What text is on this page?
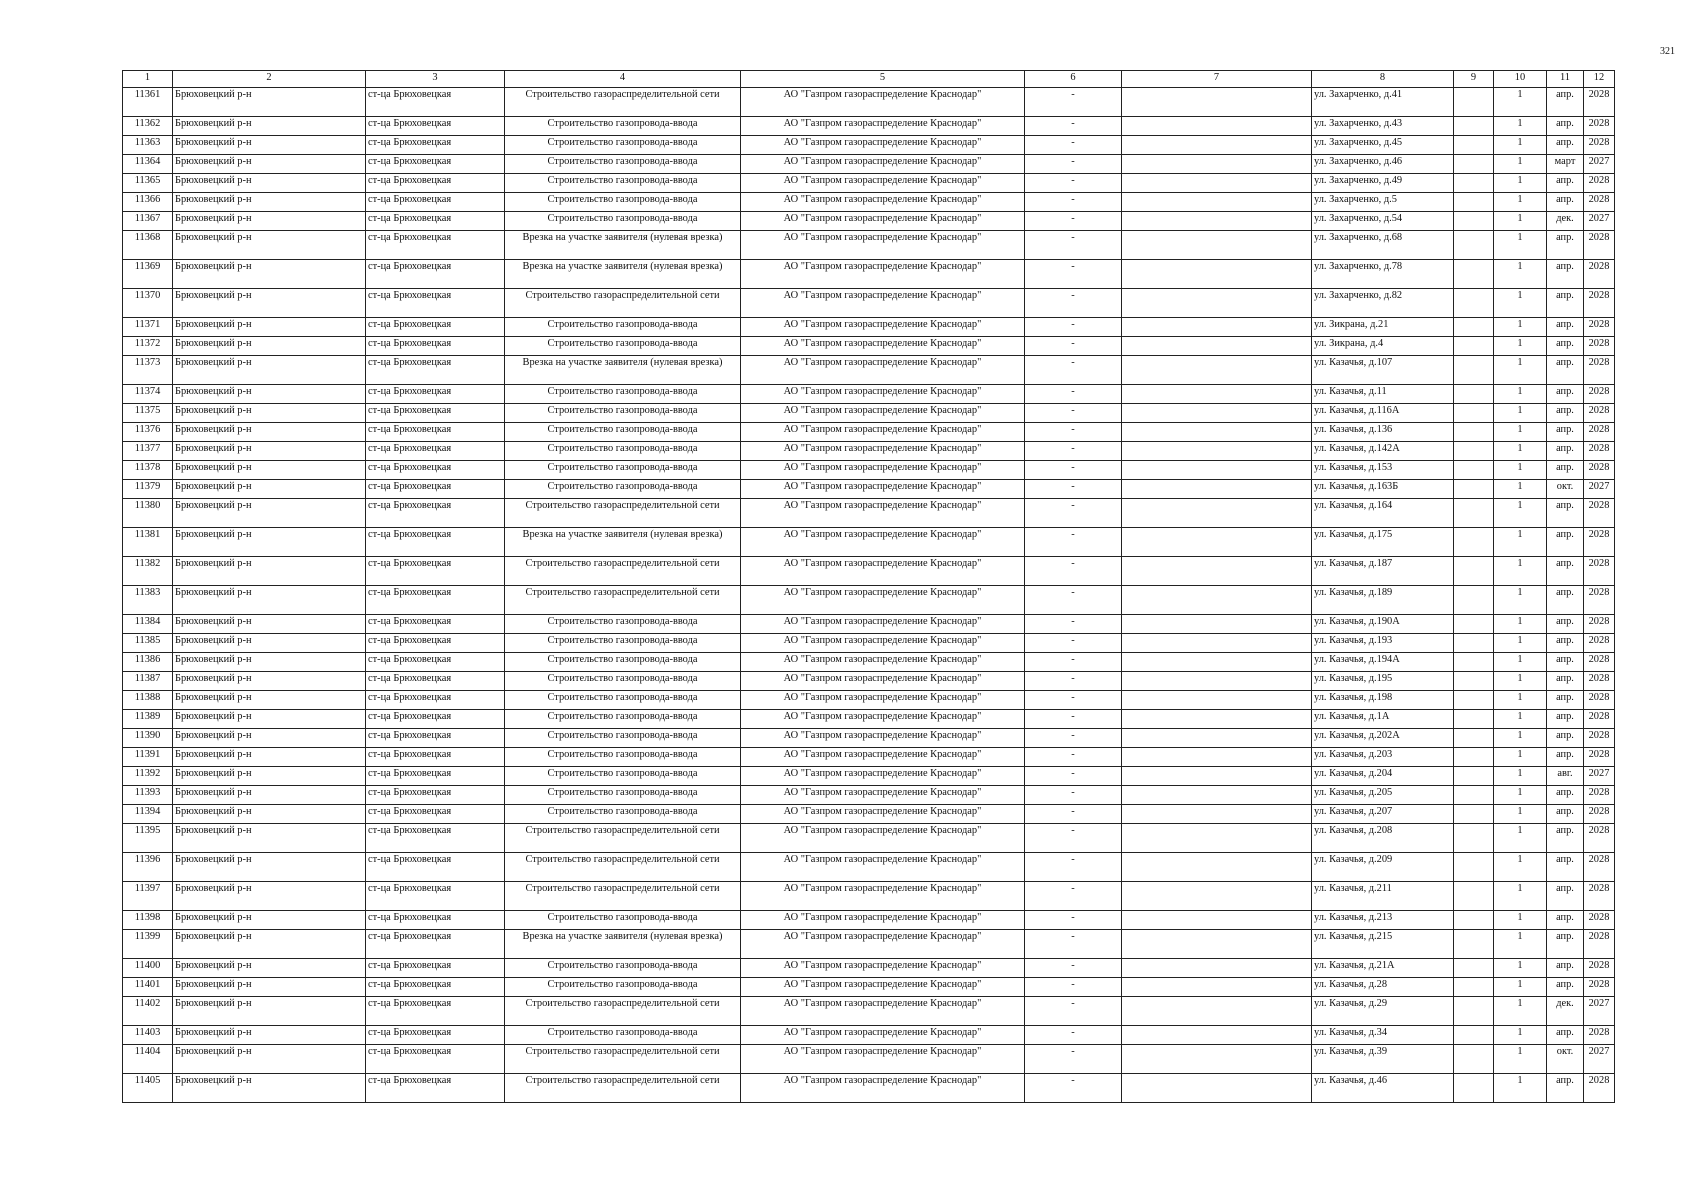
321
1	2	3	4	5	6	7	8	9	10	11	12
11361	Брюховецкий р-н	ст-ца Брюховецкая	Строительство газораспределительной сети	АО "Газпром газораспределение Краснодар"	-		ул. Захарченко, д.41		1	апр.	2028
11362	Брюховецкий р-н	ст-ца Брюховецкая	Строительство газопровода-ввода	АО "Газпром газораспределение Краснодар"	-		ул. Захарченко, д.43		1	апр.	2028
11363	Брюховецкий р-н	ст-ца Брюховецкая	Строительство газопровода-ввода	АО "Газпром газораспределение Краснодар"	-		ул. Захарченко, д.45		1	апр.	2028
11364	Брюховецкий р-н	ст-ца Брюховецкая	Строительство газопровода-ввода	АО "Газпром газораспределение Краснодар"	-		ул. Захарченко, д.46		1	март	2027
11365	Брюховецкий р-н	ст-ца Брюховецкая	Строительство газопровода-ввода	АО "Газпром газораспределение Краснодар"	-		ул. Захарченко, д.49		1	апр.	2028
11366	Брюховецкий р-н	ст-ца Брюховецкая	Строительство газопровода-ввода	АО "Газпром газораспределение Краснодар"	-		ул. Захарченко, д.5		1	апр.	2028
11367	Брюховецкий р-н	ст-ца Брюховецкая	Строительство газопровода-ввода	АО "Газпром газораспределение Краснодар"	-		ул. Захарченко, д.54		1	дек.	2027
11368	Брюховецкий р-н	ст-ца Брюховецкая	Врезка на участке заявителя (нулевая врезка)	АО "Газпром газораспределение Краснодар"	-		ул. Захарченко, д.68		1	апр.	2028
11369	Брюховецкий р-н	ст-ца Брюховецкая	Врезка на участке заявителя (нулевая врезка)	АО "Газпром газораспределение Краснодар"	-		ул. Захарченко, д.78		1	апр.	2028
11370	Брюховецкий р-н	ст-ца Брюховецкая	Строительство газораспределительной сети	АО "Газпром газораспределение Краснодар"	-		ул. Захарченко, д.82		1	апр.	2028
11371	Брюховецкий р-н	ст-ца Брюховецкая	Строительство газопровода-ввода	АО "Газпром газораспределение Краснодар"	-		ул. Зикрана, д.21		1	апр.	2028
11372	Брюховецкий р-н	ст-ца Брюховецкая	Строительство газопровода-ввода	АО "Газпром газораспределение Краснодар"	-		ул. Зикрана, д.4		1	апр.	2028
11373	Брюховецкий р-н	ст-ца Брюховецкая	Врезка на участке заявителя (нулевая врезка)	АО "Газпром газораспределение Краснодар"	-		ул. Казачья, д.107		1	апр.	2028
11374	Брюховецкий р-н	ст-ца Брюховецкая	Строительство газопровода-ввода	АО "Газпром газораспределение Краснодар"	-		ул. Казачья, д.11		1	апр.	2028
11375	Брюховецкий р-н	ст-ца Брюховецкая	Строительство газопровода-ввода	АО "Газпром газораспределение Краснодар"	-		ул. Казачья, д.116А		1	апр.	2028
11376	Брюховецкий р-н	ст-ца Брюховецкая	Строительство газопровода-ввода	АО "Газпром газораспределение Краснодар"	-		ул. Казачья, д.136		1	апр.	2028
11377	Брюховецкий р-н	ст-ца Брюховецкая	Строительство газопровода-ввода	АО "Газпром газораспределение Краснодар"	-		ул. Казачья, д.142А		1	апр.	2028
11378	Брюховецкий р-н	ст-ца Брюховецкая	Строительство газопровода-ввода	АО "Газпром газораспределение Краснодар"	-		ул. Казачья, д.153		1	апр.	2028
11379	Брюховецкий р-н	ст-ца Брюховецкая	Строительство газопровода-ввода	АО "Газпром газораспределение Краснодар"	-		ул. Казачья, д.163Б		1	окт.	2027
11380	Брюховецкий р-н	ст-ца Брюховецкая	Строительство газораспределительной сети	АО "Газпром газораспределение Краснодар"	-		ул. Казачья, д.164		1	апр.	2028
11381	Брюховецкий р-н	ст-ца Брюховецкая	Врезка на участке заявителя (нулевая врезка)	АО "Газпром газораспределение Краснодар"	-		ул. Казачья, д.175		1	апр.	2028
11382	Брюховецкий р-н	ст-ца Брюховецкая	Строительство газораспределительной сети	АО "Газпром газораспределение Краснодар"	-		ул. Казачья, д.187		1	апр.	2028
11383	Брюховецкий р-н	ст-ца Брюховецкая	Строительство газораспределительной сети	АО "Газпром газораспределение Краснодар"	-		ул. Казачья, д.189		1	апр.	2028
11384	Брюховецкий р-н	ст-ца Брюховецкая	Строительство газопровода-ввода	АО "Газпром газораспределение Краснодар"	-		ул. Казачья, д.190А		1	апр.	2028
11385	Брюховецкий р-н	ст-ца Брюховецкая	Строительство газопровода-ввода	АО "Газпром газораспределение Краснодар"	-		ул. Казачья, д.193		1	апр.	2028
11386	Брюховецкий р-н	ст-ца Брюховецкая	Строительство газопровода-ввода	АО "Газпром газораспределение Краснодар"	-		ул. Казачья, д.194А		1	апр.	2028
11387	Брюховецкий р-н	ст-ца Брюховецкая	Строительство газопровода-ввода	АО "Газпром газораспределение Краснодар"	-		ул. Казачья, д.195		1	апр.	2028
11388	Брюховецкий р-н	ст-ца Брюховецкая	Строительство газопровода-ввода	АО "Газпром газораспределение Краснодар"	-		ул. Казачья, д.198		1	апр.	2028
11389	Брюховецкий р-н	ст-ца Брюховецкая	Строительство газопровода-ввода	АО "Газпром газораспределение Краснодар"	-		ул. Казачья, д.1А		1	апр.	2028
11390	Брюховецкий р-н	ст-ца Брюховецкая	Строительство газопровода-ввода	АО "Газпром газораспределение Краснодар"	-		ул. Казачья, д.202А		1	апр.	2028
11391	Брюховецкий р-н	ст-ца Брюховецкая	Строительство газопровода-ввода	АО "Газпром газораспределение Краснодар"	-		ул. Казачья, д.203		1	апр.	2028
11392	Брюховецкий р-н	ст-ца Брюховецкая	Строительство газопровода-ввода	АО "Газпром газораспределение Краснодар"	-		ул. Казачья, д.204		1	авг.	2027
11393	Брюховецкий р-н	ст-ца Брюховецкая	Строительство газопровода-ввода	АО "Газпром газораспределение Краснодар"	-		ул. Казачья, д.205		1	апр.	2028
11394	Брюховецкий р-н	ст-ца Брюховецкая	Строительство газопровода-ввода	АО "Газпром газораспределение Краснодар"	-		ул. Казачья, д.207		1	апр.	2028
11395	Брюховецкий р-н	ст-ца Брюховецкая	Строительство газораспределительной сети	АО "Газпром газораспределение Краснодар"	-		ул. Казачья, д.208		1	апр.	2028
11396	Брюховецкий р-н	ст-ца Брюховецкая	Строительство газораспределительной сети	АО "Газпром газораспределение Краснодар"	-		ул. Казачья, д.209		1	апр.	2028
11397	Брюховецкий р-н	ст-ца Брюховецкая	Строительство газораспределительной сети	АО "Газпром газораспределение Краснодар"	-		ул. Казачья, д.211		1	апр.	2028
11398	Брюховецкий р-н	ст-ца Брюховецкая	Строительство газопровода-ввода	АО "Газпром газораспределение Краснодар"	-		ул. Казачья, д.213		1	апр.	2028
11399	Брюховецкий р-н	ст-ца Брюховецкая	Врезка на участке заявителя (нулевая врезка)	АО "Газпром газораспределение Краснодар"	-		ул. Казачья, д.215		1	апр.	2028
11400	Брюховецкий р-н	ст-ца Брюховецкая	Строительство газопровода-ввода	АО "Газпром газораспределение Краснодар"	-		ул. Казачья, д.21А		1	апр.	2028
11401	Брюховецкий р-н	ст-ца Брюховецкая	Строительство газопровода-ввода	АО "Газпром газораспределение Краснодар"	-		ул. Казачья, д.28		1	апр.	2028
11402	Брюховецкий р-н	ст-ца Брюховецкая	Строительство газораспределительной сети	АО "Газпром газораспределение Краснодар"	-		ул. Казачья, д.29		1	дек.	2027
11403	Брюховецкий р-н	ст-ца Брюховецкая	Строительство газопровода-ввода	АО "Газпром газораспределение Краснодар"	-		ул. Казачья, д.34		1	апр.	2028
11404	Брюховецкий р-н	ст-ца Брюховецкая	Строительство газораспределительной сети	АО "Газпром газораспределение Краснодар"	-		ул. Казачья, д.39		1	окт.	2027
11405	Брюховецкий р-н	ст-ца Брюховецкая	Строительство газораспределительной сети	АО "Газпром газораспределение Краснодар"	-		ул. Казачья, д.46		1	апр.	2028
